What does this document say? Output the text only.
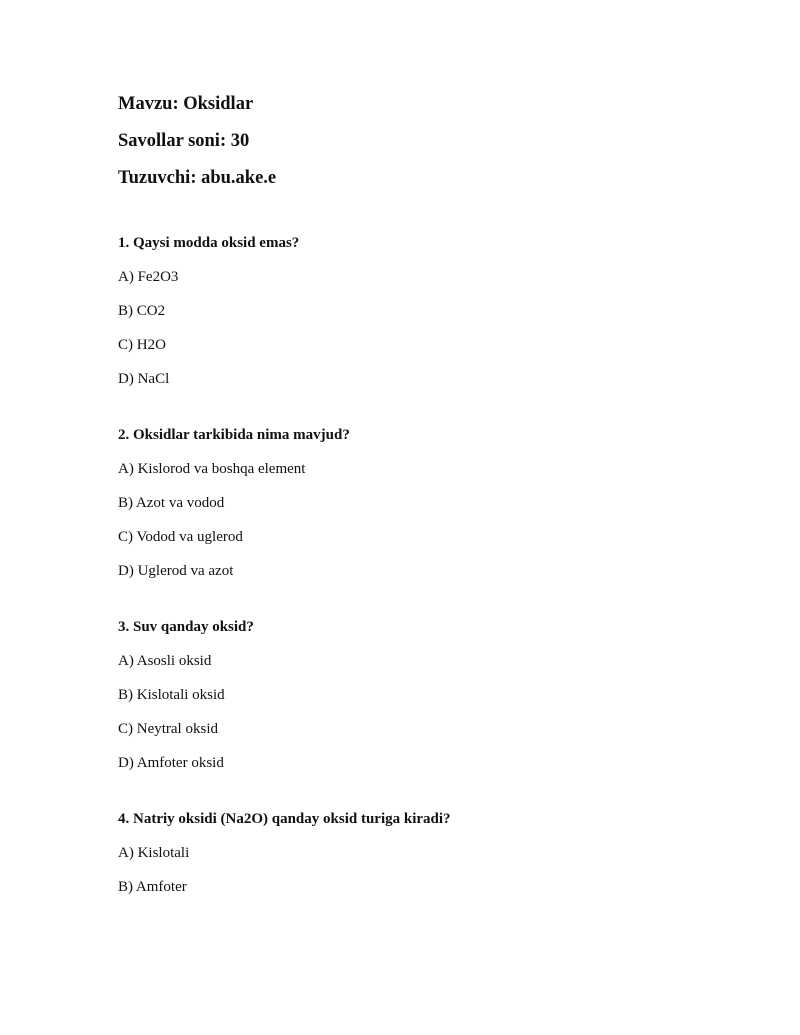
Mavzu: Oksidlar
Savollar soni: 30
Tuzuvchi: abu.ake.e
1. Qaysi modda oksid emas?
A) Fe2O3
B) CO2
C) H2O
D) NaCl
2. Oksidlar tarkibida nima mavjud?
A) Kislorod va boshqa element
B) Azot va vodod
C) Vodod va uglerod
D) Uglerod va azot
3. Suv qanday oksid?
A) Asosli oksid
B) Kislotali oksid
C) Neytral oksid
D) Amfoter oksid
4. Natriy oksidi (Na2O) qanday oksid turiga kiradi?
A) Kislotali
B) Amfoter
